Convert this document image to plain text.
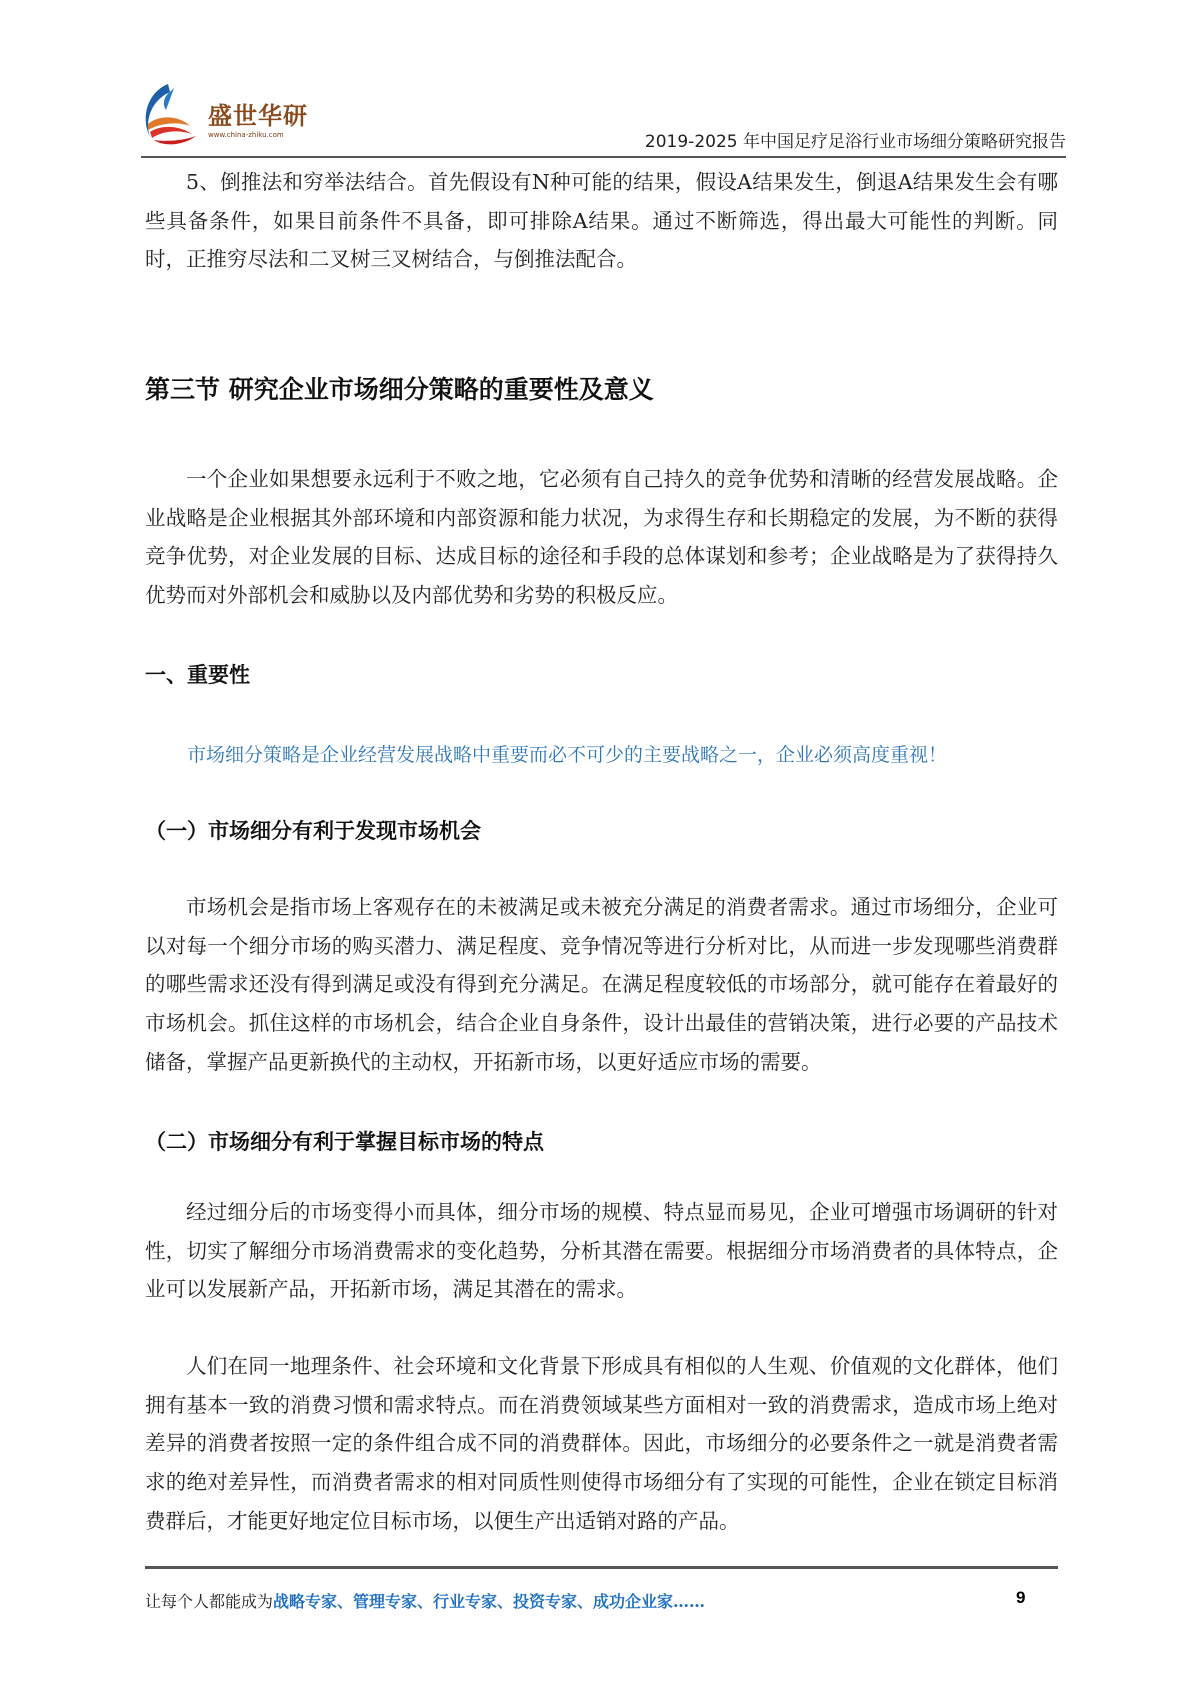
盛世华研
www.china-zhiku.com	2019-2025 年中国足疗足浴行业市场细分策略研究报告
5、倒推法和穷举法结合。首先假设有N种可能的结果，假设A结果发生，倒退A结果发生会有哪些具备条件，如果目前条件不具备，即可排除A结果。通过不断筛选，得出最大可能性的判断。同时，正推穷尽法和二叉树三叉树结合，与倒推法配合。
第三节 研究企业市场细分策略的重要性及意义
一个企业如果想要永远利于不败之地，它必须有自己持久的竞争优势和清晰的经营发展战略。企业战略是企业根据其外部环境和内部资源和能力状况，为求得生存和长期稳定的发展，为不断的获得竞争优势，对企业发展的目标、达成目标的途径和手段的总体谋划和参考；企业战略是为了获得持久优势而对外部机会和威胁以及内部优势和劣势的积极反应。
一、重要性
市场细分策略是企业经营发展战略中重要而必不可少的主要战略之一，企业必须高度重视！
（一）市场细分有利于发现市场机会
市场机会是指市场上客观存在的未被满足或未被充分满足的消费者需求。通过市场细分，企业可以对每一个细分市场的购买潜力、满足程度、竞争情况等进行分析对比，从而进一步发现哪些消费群的哪些需求还没有得到满足或没有得到充分满足。在满足程度较低的市场部分，就可能存在着最好的市场机会。抓住这样的市场机会，结合企业自身条件，设计出最佳的营销决策，进行必要的产品技术储备，掌握产品更新换代的主动权，开拓新市场，以更好适应市场的需要。
（二）市场细分有利于掌握目标市场的特点
经过细分后的市场变得小而具体，细分市场的规模、特点显而易见，企业可增强市场调研的针对性，切实了解细分市场消费需求的变化趋势，分析其潜在需要。根据细分市场消费者的具体特点，企业可以发展新产品，开拓新市场，满足其潜在的需求。
人们在同一地理条件、社会环境和文化背景下形成具有相似的人生观、价值观的文化群体，他们拥有基本一致的消费习惯和需求特点。而在消费领域某些方面相对一致的消费需求，造成市场上绝对差异的消费者按照一定的条件组合成不同的消费群体。因此，市场细分的必要条件之一就是消费者需求的绝对差异性，而消费者需求的相对同质性则使得市场细分有了实现的可能性，企业在锁定目标消费群后，才能更好地定位目标市场，以便生产出适销对路的产品。
让每个人都能成为战略专家、管理专家、行业专家、投资专家、成功企业家……	9
